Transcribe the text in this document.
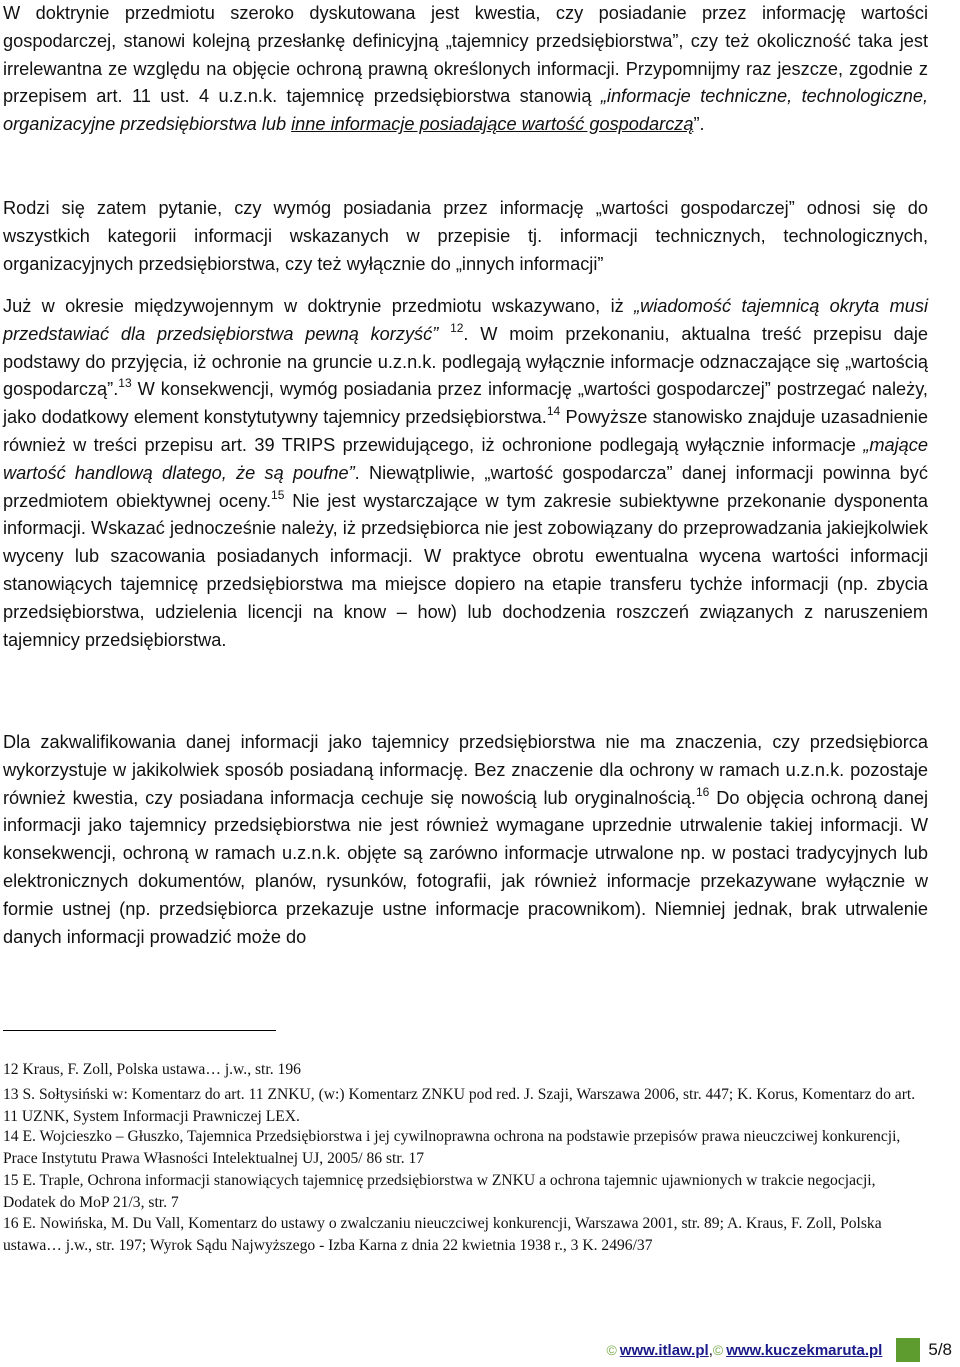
W doktrynie przedmiotu szeroko dyskutowana jest kwestia, czy posiadanie przez informację wartości gospodarczej, stanowi kolejną przesłankę definicyjną „tajemnicy przedsiębiorstwa”, czy też okoliczność taka jest irrelewantna ze względu na objęcie ochroną prawną określonych informacji. Przypomnijmy raz jeszcze, zgodnie z przepisem art. 11 ust. 4 u.z.n.k. tajemnicę przedsiębiorstwa stanowią „informacje techniczne, technologiczne, organizacyjne przedsiębiorstwa lub inne informacje posiadające wartość gospodarczą”.

Rodzi się zatem pytanie, czy wymóg posiadania przez informację „wartości gospodarczej” odnosi się do wszystkich kategorii informacji wskazanych w przepisie tj. informacji technicznych, technologicznych, organizacyjnych przedsiębiorstwa, czy też wyłącznie do „innych informacji”

Już w okresie międzywojennym w doktrynie przedmiotu wskazywano, iż „wiadomość tajemnicą okryta musi przedstawiać dla przedsiębiorstwa pewną korzyść” $^{12}$. W moim przekonaniu, aktualna treść przepisu daje podstawy do przyjęcia, iż ochronie na gruncie u.z.n.k. podlegają wyłącznie informacje odznaczające się „wartością gospodarczą”.$^{13}$ W konsekwencji, wymóg posiadania przez informację „wartości gospodarczej” postrzegać należy, jako dodatkowy element konstytutywny tajemnicy przedsiębiorstwa.$^{14}$ Powyższe stanowisko znajduje uzasadnienie również w treści przepisu art. 39 TRIPS przewidującego, iż ochronione podlegają wyłącznie informacje „mające wartość handlową dlatego, że są poufne”. Niewątpliwie, „wartość gospodarcza” danej informacji powinna być przedmiotem obiektywnej oceny.$^{15}$ Nie jest wystarczające w tym zakresie subiektywne przekonanie dysponenta informacji. Wskazać jednocześnie należy, iż przedsiębiorca nie jest zobowiązany do przeprowadzania jakiejkolwiek wyceny lub szacowania posiadanych informacji. W praktyce obrotu ewentualna wycena wartości informacji stanowiących tajemnicę przedsiębiorstwa ma miejsce dopiero na etapie transferu tychże informacji (np. zbycia przedsiębiorstwa, udzielenia licencji na know – how) lub dochodzenia roszczeń związanych z naruszeniem tajemnicy przedsiębiorstwa.

Dla zakwalifikowania danej informacji jako tajemnicy przedsiębiorstwa nie ma znaczenia, czy przedsiębiorca wykorzystuje w jakikolwiek sposób posiadaną informację. Bez znaczenie dla ochrony w ramach u.z.n.k. pozostaje również kwestia, czy posiadana informacja cechuje się nowością lub oryginalnością.$^{16}$ Do objęcia ochroną danej informacji jako tajemnicy przedsiębiorstwa nie jest również wymagane uprzednie utrwalenie takiej informacji. W konsekwencji, ochroną w ramach u.z.n.k. objęte są zarówno informacje utrwalone np. w postaci tradycyjnych lub elektronicznych dokumentów, planów, rysunków, fotografii, jak również informacje przekazywane wyłącznie w formie ustnej (np. przedsiębiorca przekazuje ustne informacje pracownikom). Niemniej jednak, brak utrwalenie danych informacji prowadzić może do

12 Kraus, F. Zoll, Polska ustawa… j.w., str. 196

13 S. Sołtysiński w: Komentarz do art. 11 ZNKU, (w:) Komentarz ZNKU pod red. J. Szaji, Warszawa 2006, str. 447; K. Korus, Komentarz do art. 11 UZNK, System Informacji Prawniczej LEX.

14 E. Wojcieszko – Głuszko, Tajemnica Przedsiębiorstwa i jej cywilnoprawna ochrona na podstawie przepisów prawa nieuczciwej konkurencji, Prace Instytutu Prawa Własności Intelektualnej UJ, 2005/ 86 str. 17

15 E. Traple, Ochrona informacji stanowiących tajemnicę przedsiębiorstwa w ZNKU a ochrona tajemnic ujawnionych w trakcie negocjacji, Dodatek do MoP 21/3, str. 7

16 E. Nowińska, M. Du Vall, Komentarz do ustawy o zwalczaniu nieuczciwej konkurencji, Warszawa 2001, str. 89; A. Kraus, F. Zoll, Polska ustawa… j.w., str. 197; Wyrok Sądu Najwyższego - Izba Karna z dnia 22 kwietnia 1938 r., 3 K. 2496/37

© www.itlaw.pl , © www.kuczekmaruta.pl	5/8
